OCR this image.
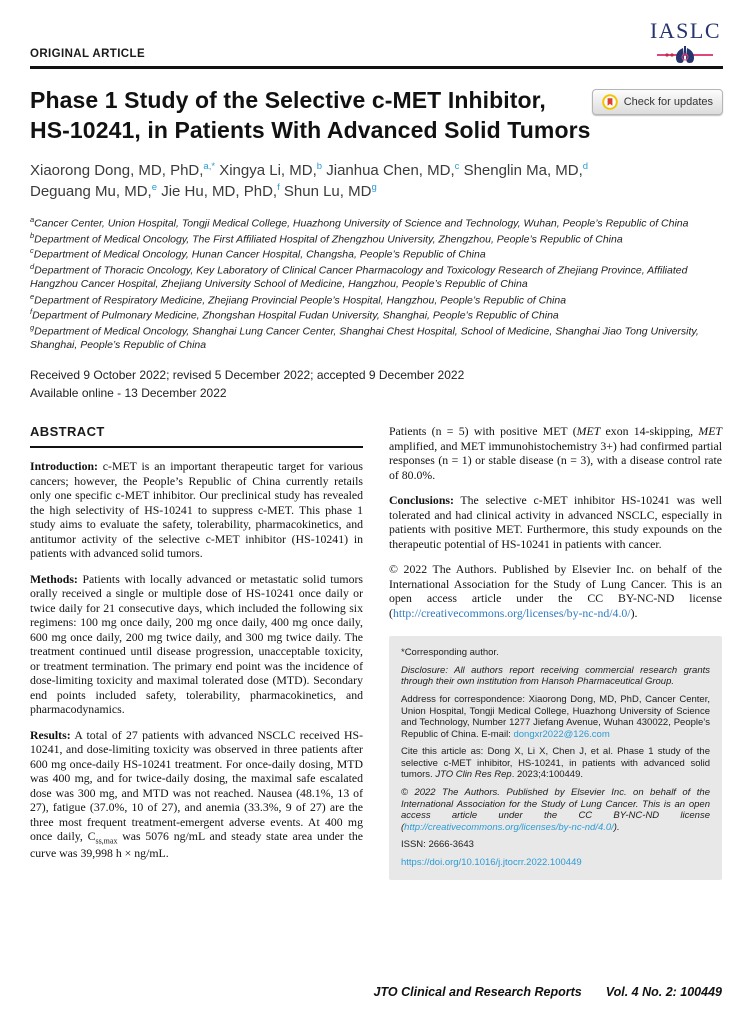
ORIGINAL ARTICLE
IASLC
Phase 1 Study of the Selective c-MET Inhibitor,
HS-10241, in Patients With Advanced Solid Tumors
Check for updates
Xiaorong Dong, MD, PhD,$^{a,*}$ Xingya Li, MD,$^b$ Jianhua Chen, MD,$^c$ Shenglin Ma, MD,$^d$
Deguang Mu, MD,$^e$ Jie Hu, MD, PhD,$^f$ Shun Lu, $MD^g$
$^a$Cancer Center, Union Hospital, Tongji Medical College, Huazhong University of Science and Technology, Wuhan, People’s Republic of China
$^b$Department of Medical Oncology, The First Affiliated Hospital of Zhengzhou University, Zhengzhou, People’s Republic of China
$^c$Department of Medical Oncology, Hunan Cancer Hospital, Changsha, People’s Republic of China
$^d$Department of Thoracic Oncology, Key Laboratory of Clinical Cancer Pharmacology and Toxicology Research of Zhejiang Province, Affiliated Hangzhou Cancer Hospital, Zhejiang University School of Medicine, Hangzhou, People’s Republic of China
$^e$Department of Respiratory Medicine, Zhejiang Provincial People’s Hospital, Hangzhou, People’s Republic of China
$^f$Department of Pulmonary Medicine, Zhongshan Hospital Fudan University, Shanghai, People’s Republic of China
$^g$Department of Medical Oncology, Shanghai Lung Cancer Center, Shanghai Chest Hospital, School of Medicine, Shanghai Jiao Tong University, Shanghai, People’s Republic of China
Received 9 October 2022; revised 5 December 2022; accepted 9 December 2022
Available online - 13 December 2022
ABSTRACT

Introduction: c-MET is an important therapeutic target for various cancers; however, the People’s Republic of China currently retails only one specific c-MET inhibitor. Our preclinical study has revealed the high selectivity of HS-10241 to suppress c-MET. This phase 1 study aims to evaluate the safety, tolerability, pharmacokinetics, and antitumor activity of the selective c-MET inhibitor (HS-10241) in patients with advanced solid tumors.

Methods: Patients with locally advanced or metastatic solid tumors orally received a single or multiple dose of HS-10241 once daily or twice daily for 21 consecutive days, which included the following six regimens: 100 mg once daily, 200 mg once daily, 400 mg once daily, 600 mg once daily, 200 mg twice daily, and 300 mg twice daily. The treatment continued until disease progression, unacceptable toxicity, or treatment termination. The primary end point was the incidence of dose-limiting toxicity and maximal tolerated dose (MTD). Secondary end points included safety, tolerability, pharmacokinetics, and pharmacodynamics.

Results: A total of 27 patients with advanced NSCLC received HS-10241, and dose-limiting toxicity was observed in three patients after 600 mg once-daily HS-10241 treatment. For once-daily dosing, MTD was 400 mg, and for twice-daily dosing, the maximal safe escalated dose was 300 mg, and MTD was not reached. Nausea (48.1%, 13 of 27), fatigue (37.0%, 10 of 27), and anemia (33.3%, 9 of 27) are the three most frequent treatment-emergent adverse events. At 400 mg once daily, $C_{ss,max}$ was 5076 ng/mL and steady state area under the curve was 39,998 h × ng/mL.

Patients (n = 5) with positive MET (MET exon 14-skipping, MET amplified, and MET immunohistochemistry 3+) had confirmed partial responses (n = 1) or stable disease (n = 3), with a disease control rate of 80.0%.

Conclusions: The selective c-MET inhibitor HS-10241 was well tolerated and had clinical activity in advanced NSCLC, especially in patients with positive MET. Furthermore, this study expounds on the therapeutic potential of HS-10241 in patients with cancer.

© 2022 The Authors. Published by Elsevier Inc. on behalf of the International Association for the Study of Lung Cancer. This is an open access article under the CC BY-NC-ND license (http://creativecommons.org/licenses/by-nc-nd/4.0/).

*Corresponding author.

Disclosure: All authors report receiving commercial research grants through their own institution from Hansoh Pharmaceutical Group.

Address for correspondence: Xiaorong Dong, MD, PhD, Cancer Center, Union Hospital, Tongji Medical College, Huazhong University of Science and Technology, Number 1277 Jiefang Avenue, Wuhan 430022, People’s Republic of China. E-mail: dongxr2022@126.com

Cite this article as: Dong X, Li X, Chen J, et al. Phase 1 study of the selective c-MET inhibitor, HS-10241, in patients with advanced solid tumors. JTO Clin Res Rep. 2023;4:100449.

© 2022 The Authors. Published by Elsevier Inc. on behalf of the International Association for the Study of Lung Cancer. This is an open access article under the CC BY-NC-ND license (http://creativecommons.org/licenses/by-nc-nd/4.0/).

ISSN: 2666-3643

https://doi.org/10.1016/j.jtocrr.2022.100449

JTO Clinical and Research Reports Vol. 4 No. 2: 100449
